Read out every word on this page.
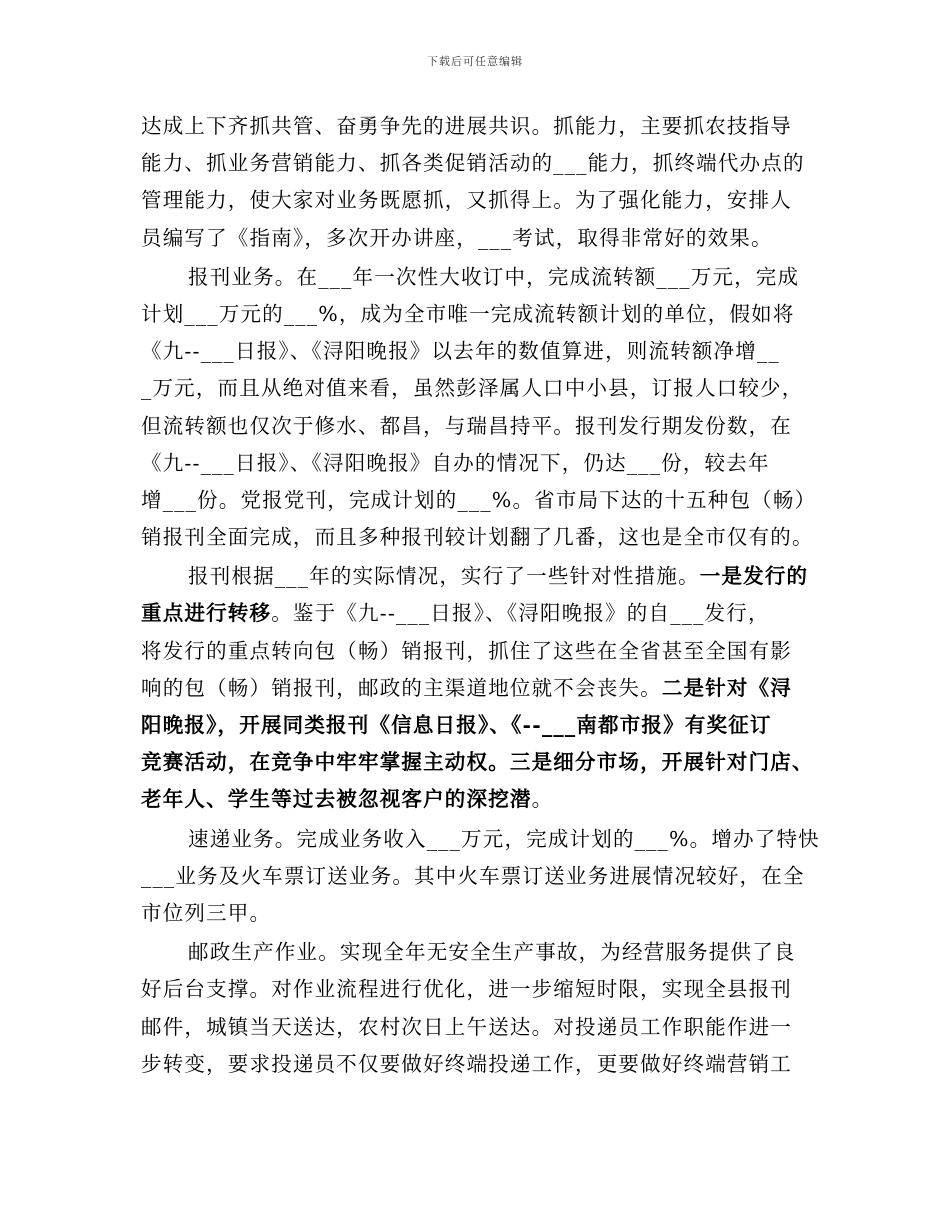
下载后可任意编辑
达成上下齐抓共管、奋勇争先的进展共识。抓能力，主要抓农技指导
能力、抓业务营销能力、抓各类促销活动的___能力，抓终端代办点的
管理能力，使大家对业务既愿抓，又抓得上。为了强化能力，安排人
员编写了《指南》，多次开办讲座，___考试，取得非常好的效果。
报刊业务。在___年一次性大收订中，完成流转额___万元，完成
计划___万元的___%，成为全市唯一完成流转额计划的单位，假如将
《九--___日报》、《浔阳晚报》以去年的数值算进，则流转额净增__
_万元，而且从绝对值来看，虽然彭泽属人口中小县，订报人口较少，
但流转额也仅次于修水、都昌，与瑞昌持平。报刊发行期发份数，在
《九--___日报》、《浔阳晚报》自办的情况下，仍达___份，较去年
增___份。党报党刊，完成计划的___%。省市局下达的十五种包（畅）
销报刊全面完成，而且多种报刊较计划翻了几番，这也是全市仅有的。
报刊根据___年的实际情况，实行了一些针对性措施。一是发行的
重点进行转移。鉴于《九--___日报》、《浔阳晚报》的自___发行，
将发行的重点转向包（畅）销报刊，抓住了这些在全省甚至全国有影
响的包（畅）销报刊，邮政的主渠道地位就不会丧失。二是针对《浔
阳晚报》，开展同类报刊《信息日报》、《--___南都市报》有奖征订
竞赛活动，在竞争中牢牢掌握主动权。三是细分市场，开展针对门店、
老年人、学生等过去被忽视客户的深挖潜。
速递业务。完成业务收入___万元，完成计划的___%。增办了特快
___业务及火车票订送业务。其中火车票订送业务进展情况较好，在全
市位列三甲。
邮政生产作业。实现全年无安全生产事故，为经营服务提供了良
好后台支撑。对作业流程进行优化，进一步缩短时限，实现全县报刊
邮件，城镇当天送达，农村次日上午送达。对投递员工作职能作进一
步转变，要求投递员不仅要做好终端投递工作，更要做好终端营销工
